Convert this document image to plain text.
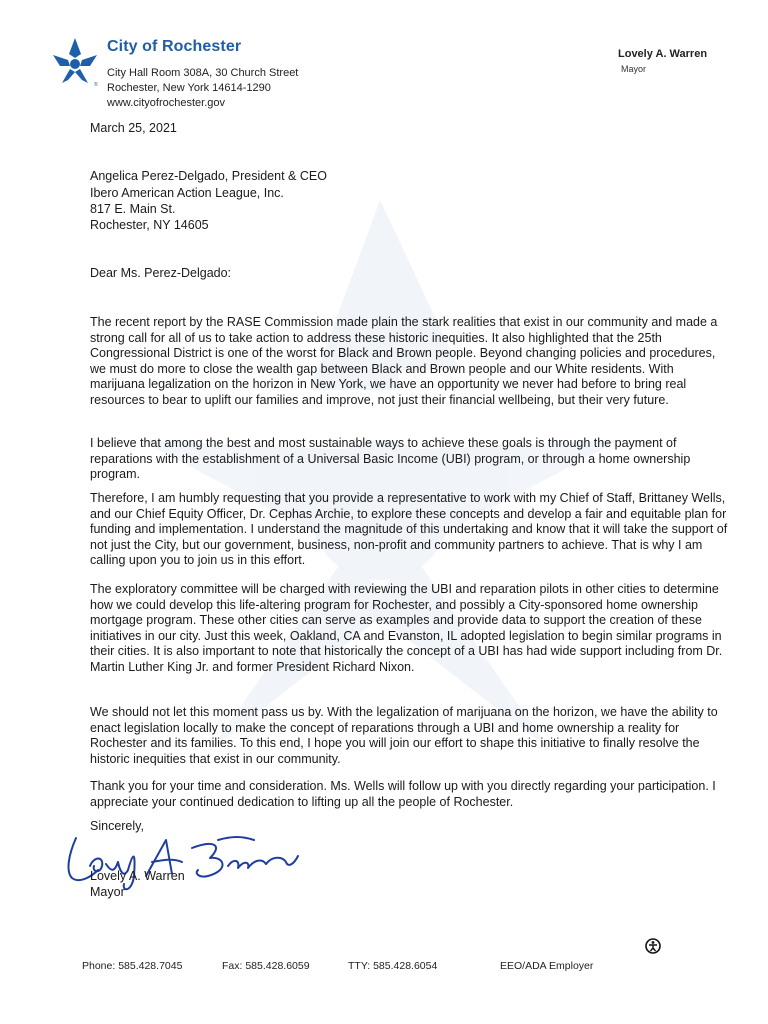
®
City of Rochester
City Hall Room 308A, 30 Church Street
Rochester, New York 14614-1290
www.cityofrochester.gov
Lovely A. Warren
Mayor
March 25, 2021
Angelica Perez-Delgado, President & CEO
Ibero American Action League, Inc.
817 E. Main St.
Rochester, NY 14605
Dear Ms. Perez-Delgado:
The recent report by the RASE Commission made plain the stark realities that exist in our community and made a strong call for all of us to take action to address these historic inequities. It also highlighted that the 25th Congressional District is one of the worst for Black and Brown people. Beyond changing policies and procedures, we must do more to close the wealth gap between Black and Brown people and our White residents. With marijuana legalization on the horizon in New York, we have an opportunity we never had before to bring real resources to bear to uplift our families and improve, not just their financial wellbeing, but their very future.
I believe that among the best and most sustainable ways to achieve these goals is through the payment of reparations with the establishment of a Universal Basic Income (UBI) program, or through a home ownership program.
Therefore, I am humbly requesting that you provide a representative to work with my Chief of Staff, Brittaney Wells, and our Chief Equity Officer, Dr. Cephas Archie, to explore these concepts and develop a fair and equitable plan for funding and implementation. I understand the magnitude of this undertaking and know that it will take the support of not just the City, but our government, business, non-profit and community partners to achieve. That is why I am calling upon you to join us in this effort.
The exploratory committee will be charged with reviewing the UBI and reparation pilots in other cities to determine how we could develop this life-altering program for Rochester, and possibly a City-sponsored home ownership mortgage program. These other cities can serve as examples and provide data to support the creation of these initiatives in our city. Just this week, Oakland, CA and Evanston, IL adopted legislation to begin similar programs in their cities. It is also important to note that historically the concept of a UBI has had wide support including from Dr. Martin Luther King Jr. and former President Richard Nixon.
We should not let this moment pass us by. With the legalization of marijuana on the horizon, we have the ability to enact legislation locally to make the concept of reparations through a UBI and home ownership a reality for Rochester and its families. To this end, I hope you will join our effort to shape this initiative to finally resolve the historic inequities that exist in our community.
Thank you for your time and consideration. Ms. Wells will follow up with you directly regarding your participation. I appreciate your continued dedication to lifting up all the people of Rochester.
Sincerely,
Lovely A. Warren
Mayor
Phone: 585.428.7045	Fax: 585.428.6059	TTY: 585.428.6054	EEO/ADA Employer
